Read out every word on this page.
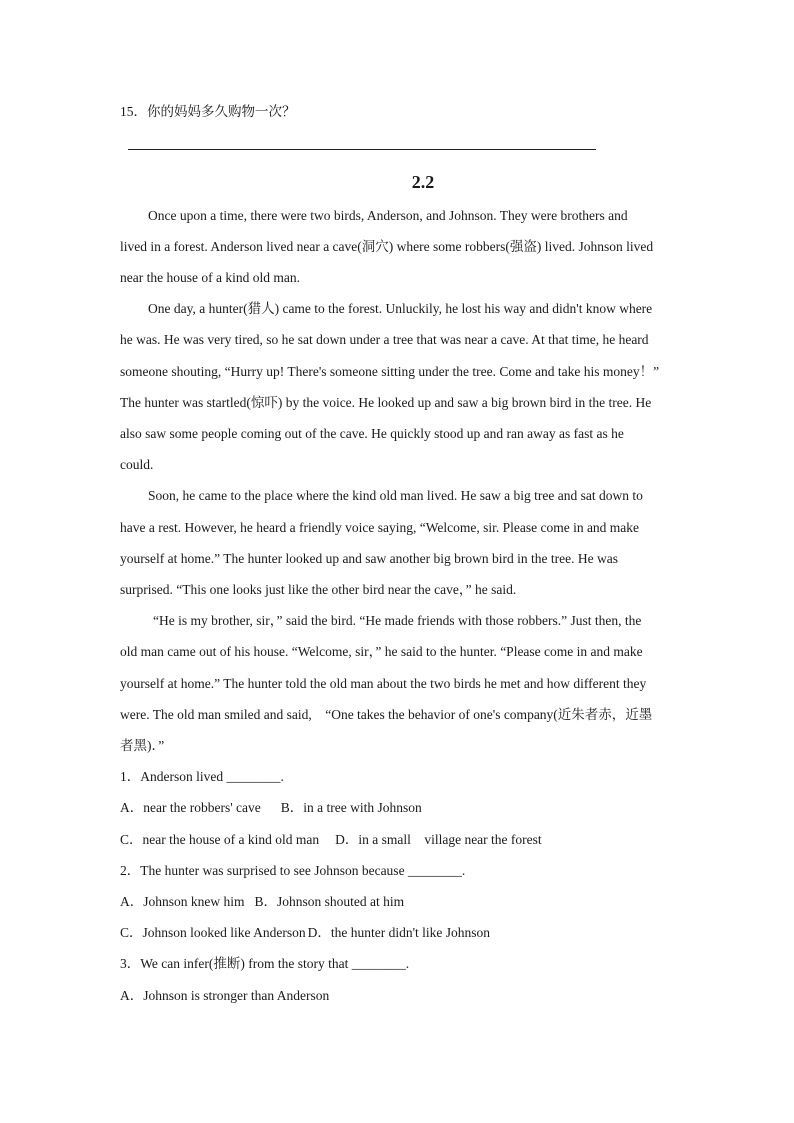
15．你的妈妈多久购物一次？
2.2
Once upon a time, there were two birds, Anderson, and Johnson. They were brothers and
lived in a forest. Anderson lived near a cave(洞穴) where some robbers(强盗) lived. Johnson lived
near the house of a kind old man.
One day, a hunter(猎人) came to the forest. Unluckily, he lost his way and didn't know where
he was. He was very tired, so he sat down under a tree that was near a cave. At that time, he heard
someone shouting, “Hurry up! There's someone sitting under the tree. Come and take his money！”
The hunter was startled(惊吓) by the voice. He looked up and saw a big brown bird in the tree. He
also saw some people coming out of the cave. He quickly stood up and ran away as fast as he
could.
Soon, he came to the place where the kind old man lived. He saw a big tree and sat down to
have a rest. However, he heard a friendly voice saying, “Welcome, sir. Please come in and make
yourself at home.” The hunter looked up and saw another big brown bird in the tree. He was
surprised. “This one looks just like the other bird near the cave，” he said.
“He is my brother, sir，” said the bird. “He made friends with those robbers.” Just then, the
old man came out of his house. “Welcome, sir，” he said to the hunter. “Please come in and make
yourself at home.” The hunter told the old man about the two birds he met and how different they
were. The old man smiled and said,　“One takes the behavior of one's company(近朱者赤，近墨
者黑)．”
1．Anderson lived ________.
A．near the robbers' cave B．in a tree with Johnson
C．near the house of a kind old man D．in a small　village near the forest
2．The hunter was surprised to see Johnson because ________.
A．Johnson knew him B．Johnson shouted at him
C．Johnson looked like Anderson D．the hunter didn't like Johnson
3．We can infer(推断) from the story that ________.
A．Johnson is stronger than Anderson
